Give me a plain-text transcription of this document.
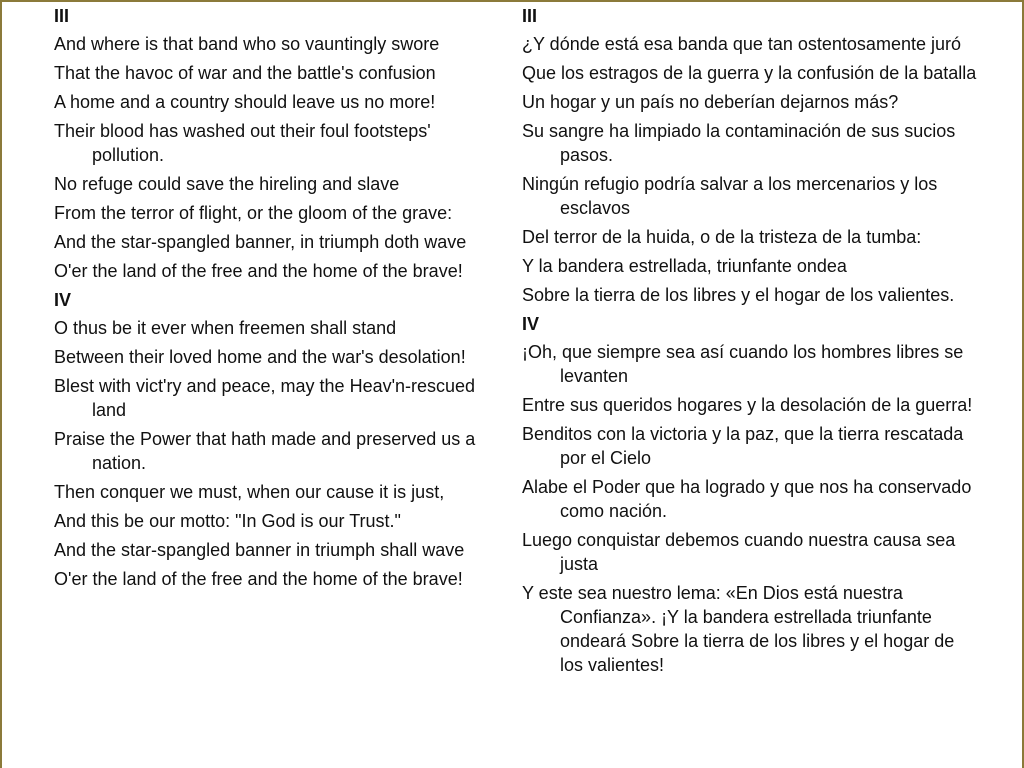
III
And where is that band who so vauntingly swore
That the havoc of war and the battle's confusion
A home and a country should leave us no more!
Their blood has washed out their foul footsteps' pollution.
No refuge could save the hireling and slave
From the terror of flight, or the gloom of the grave:
And the star-spangled banner, in triumph doth wave
O'er the land of the free and the home of the brave!
IV
O thus be it ever when freemen shall stand
Between their loved home and the war's desolation!
Blest with vict'ry and peace, may the Heav'n-rescued land
Praise the Power that hath made and preserved us a nation.
Then conquer we must, when our cause it is just,
And this be our motto: "In God is our Trust."
And the star-spangled banner in triumph shall wave
O'er the land of the free and the home of the brave!
III
¿Y dónde está esa banda que tan ostentosamente juró
Que los estragos de la guerra y la confusión de la batalla
Un hogar y un país no deberían dejarnos más?
Su sangre ha limpiado la contaminación de sus sucios pasos.
Ningún refugio podría salvar a los mercenarios y los esclavos
Del terror de la huida, o de la tristeza de la tumba:
Y la bandera estrellada, triunfante ondea
Sobre la tierra de los libres y el hogar de los valientes.
IV
¡Oh, que siempre sea así cuando los hombres libres se levanten
Entre sus queridos hogares y la desolación de la guerra!
Benditos con la victoria y la paz, que la tierra rescatada por el Cielo
Alabe el Poder que ha logrado y que nos ha conservado como nación.
Luego conquistar debemos cuando nuestra causa sea justa
Y este sea nuestro lema: «En Dios está nuestra Confianza». ¡Y la bandera estrellada triunfante ondeará Sobre la tierra de los libres y el hogar de los valientes!
